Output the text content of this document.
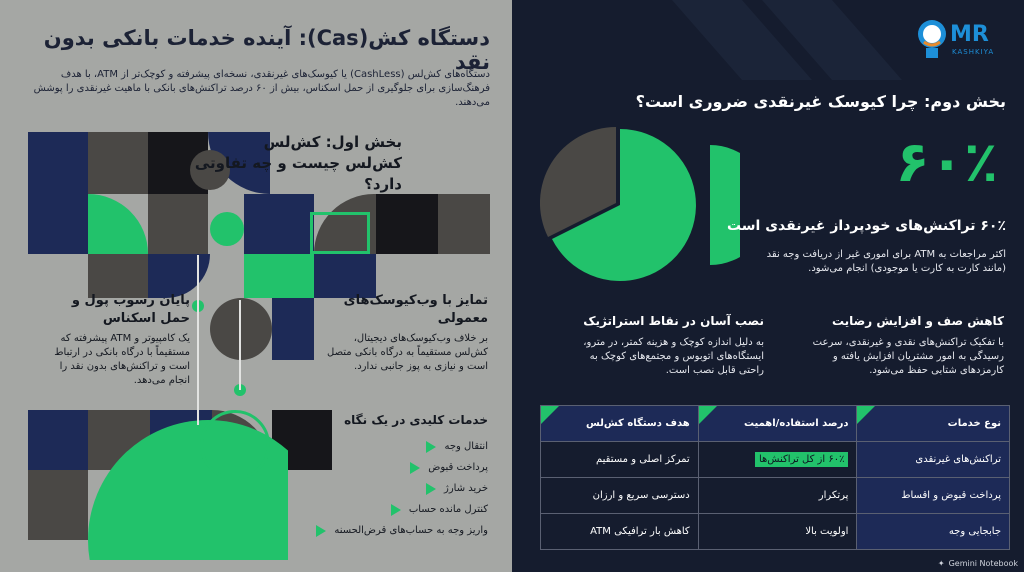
دستگاه کش‌(Cas): آینده خدمات بانکی بدون نقد
دستگاه‌های کش‌لس (CashLess) یا کیوسک‌های غیرنقدی، نسخه‌ای پیشرفته و کوچک‌تر از ATM، با هدف فرهنگ‌سازی برای جلوگیری از حمل اسکناس، بیش از ۶۰ درصد تراکنش‌های بانکی با ماهیت غیرنقدی را پوشش می‌دهند.
بخش اول: کش‌لس
کش‌لس چیست و چه تفاوتی دارد؟
پایان رسوب پول و
حمل اسکناس
یک کامپیوتر و ATM پیشرفته که مستقیماً با درگاه بانکی در ارتباط است و تراکنش‌های بدون نقد را انجام می‌دهد.
تمایز با وب‌کیوسک‌های
معمولی
بر خلاف وب‌کیوسک‌های دیجیتال، کش‌لس مستقیماً به درگاه بانکی متصل است و نیازی به پوز جانبی ندارد.
خدمات کلیدی در یک نگاه
انتقال وجه
پرداخت قبوض
خرید شارژ
کنترل مانده حساب
واریز وجه به حساب‌های قرض‌الحسنه
MR
KASHKIYA
بخش دوم: چرا کیوسک غیرنقدی ضروری است؟
۶۰٪
۶۰٪ تراکنش‌های خودپرداز غیرنقدی است
اکثر مراجعات به ATM برای اموری غیر از دریافت وجه نقد (مانند کارت به کارت یا موجودی) انجام می‌شود.
کاهش صف و افزایش رضایت
با تفکیک تراکنش‌های نقدی و غیرنقدی، سرعت رسیدگی به امور مشتریان افزایش یافته و کارمزدهای شتابی حفظ می‌شود.
نصب آسان در نقاط استراتژیک
به دلیل اندازه کوچک و هزینه کمتر، در مترو، ایستگاه‌های اتوبوس و مجتمع‌های کوچک به راحتی قابل نصب است.
نوع خدمات	درصد استفاده/اهمیت	هدف دستگاه کش‌لس
تراکنش‌های غیرنقدی	۶۰٪ از کل تراکنش‌ها	تمرکز اصلی و مستقیم
پرداخت قبوض و اقساط	پرتکرار	دسترسی سریع و ارزان
جابجایی وجه	اولویت بالا	کاهش بار ترافیکی ATM
✦ Gemini Notebook
